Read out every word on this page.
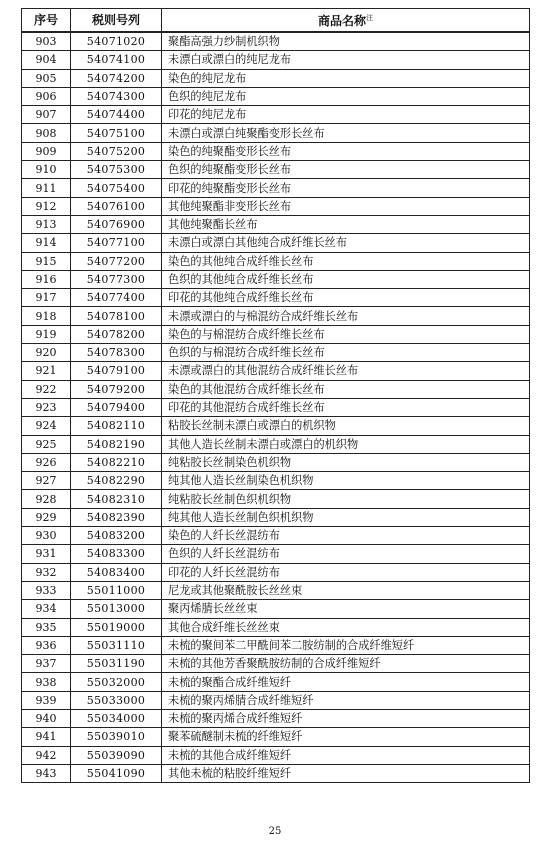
序号	税则号列	商品名称$^注$
903	54071020	聚酯高强力纱制机织物
904	54074100	未漂白或漂白的纯尼龙布
905	54074200	染色的纯尼龙布
906	54074300	色织的纯尼龙布
907	54074400	印花的纯尼龙布
908	54075100	未漂白或漂白纯聚酯变形长丝布
909	54075200	染色的纯聚酯变形长丝布
910	54075300	色织的纯聚酯变形长丝布
911	54075400	印花的纯聚酯变形长丝布
912	54076100	其他纯聚酯非变形长丝布
913	54076900	其他纯聚酯长丝布
914	54077100	未漂白或漂白其他纯合成纤维长丝布
915	54077200	染色的其他纯合成纤维长丝布
916	54077300	色织的其他纯合成纤维长丝布
917	54077400	印花的其他纯合成纤维长丝布
918	54078100	未漂或漂白的与棉混纺合成纤维长丝布
919	54078200	染色的与棉混纺合成纤维长丝布
920	54078300	色织的与棉混纺合成纤维长丝布
921	54079100	未漂或漂白的其他混纺合成纤维长丝布
922	54079200	染色的其他混纺合成纤维长丝布
923	54079400	印花的其他混纺合成纤维长丝布
924	54082110	粘胶长丝制未漂白或漂白的机织物
925	54082190	其他人造长丝制未漂白或漂白的机织物
926	54082210	纯粘胶长丝制染色机织物
927	54082290	纯其他人造长丝制染色机织物
928	54082310	纯粘胶长丝制色织机织物
929	54082390	纯其他人造长丝制色织机织物
930	54083200	染色的人纤长丝混纺布
931	54083300	色织的人纤长丝混纺布
932	54083400	印花的人纤长丝混纺布
933	55011000	尼龙或其他聚酰胺长丝丝束
934	55013000	聚丙烯腈长丝丝束
935	55019000	其他合成纤维长丝丝束
936	55031110	未梳的聚间苯二甲酰间苯二胺纺制的合成纤维短纤
937	55031190	未梳的其他芳香聚酰胺纺制的合成纤维短纤
938	55032000	未梳的聚酯合成纤维短纤
939	55033000	未梳的聚丙烯腈合成纤维短纤
940	55034000	未梳的聚丙烯合成纤维短纤
941	55039010	聚苯硫醚制未梳的纤维短纤
942	55039090	未梳的其他合成纤维短纤
943	55041090	其他未梳的粘胶纤维短纤
25
